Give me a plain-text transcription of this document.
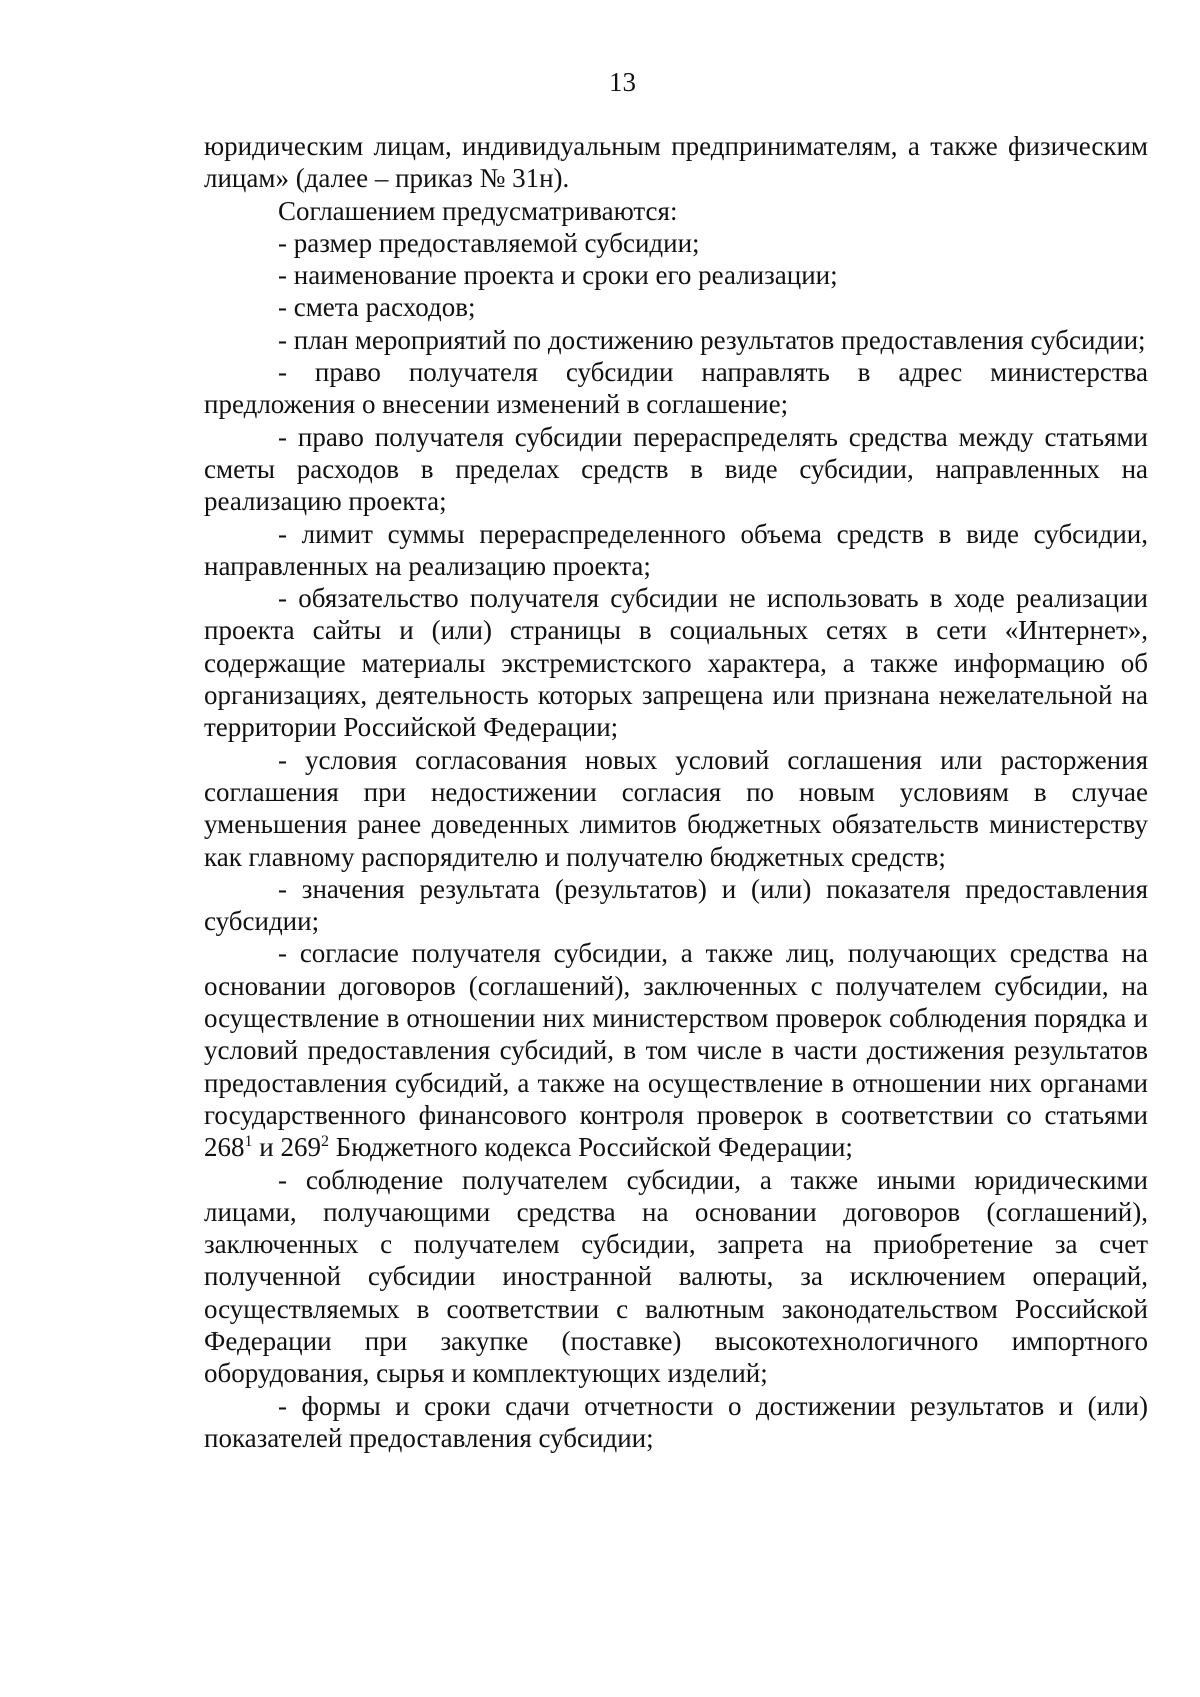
13

юридическим лицам, индивидуальным предпринимателям, а также физическим лицам» (далее – приказ № 31н).

Соглашением предусматриваются:

- размер предоставляемой субсидии;

- наименование проекта и сроки его реализации;

- смета расходов;

- план мероприятий по достижению результатов предоставления субсидии;

- право получателя субсидии направлять в адрес министерства предложения о внесении изменений в соглашение;

- право получателя субсидии перераспределять средства между статьями сметы расходов в пределах средств в виде субсидии, направленных на реализацию проекта;

- лимит суммы перераспределенного объема средств в виде субсидии, направленных на реализацию проекта;

- обязательство получателя субсидии не использовать в ходе реализации проекта сайты и (или) страницы в социальных сетях в сети «Интернет», содержащие материалы экстремистского характера, а также информацию об организациях, деятельность которых запрещена или признана нежелательной на территории Российской Федерации;

- условия согласования новых условий соглашения или расторжения соглашения при недостижении согласия по новым условиям в случае уменьшения ранее доведенных лимитов бюджетных обязательств министерству как главному распорядителю и получателю бюджетных средств;

- значения результата (результатов) и (или) показателя предоставления субсидии;

- согласие получателя субсидии, а также лиц, получающих средства на основании договоров (соглашений), заключенных с получателем субсидии, на осуществление в отношении них министерством проверок соблюдения порядка и условий предоставления субсидий, в том числе в части достижения результатов предоставления субсидий, а также на осуществление в отношении них органами государственного финансового контроля проверок в соответствии со статьями $268^1$ и $269^2$ Бюджетного кодекса Российской Федерации;

- соблюдение получателем субсидии, а также иными юридическими лицами, получающими средства на основании договоров (соглашений), заключенных с получателем субсидии, запрета на приобретение за счет полученной субсидии иностранной валюты, за исключением операций, осуществляемых в соответствии с валютным законодательством Российской Федерации при закупке (поставке) высокотехнологичного импортного оборудования, сырья и комплектующих изделий;

- формы и сроки сдачи отчетности о достижении результатов и (или) показателей предоставления субсидии;
